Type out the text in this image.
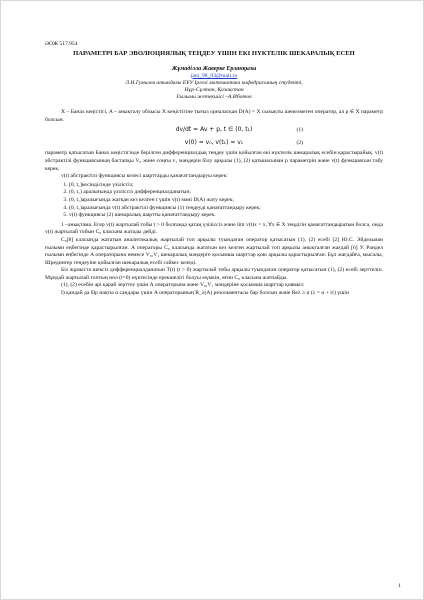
ӘОЖ 517.954
ПАРАМЕТРІ БАР ЭВОЛЮЦИЯЛЫҚ ТЕҢДЕУ ҮШІН ЕКІ НҮКТЕЛІК ШЕКАРАЛЫҚ ЕСЕП
Жұмаділла Жаверке Ерланқызы
jani_98_03@mail.ru
Л.Н.Гумилев атындағы ЕҰУ Іргелі математика кафедрасының студенті,
Нұр-Сұлтан, Қазақстан
Ғылыми жетекшісі –А.Иботов

X – Банах кеңістігі, A – анықталу облысы X кеңістігіне тығыз орналасқан D(A) = X сызықты шенелмеген оператор, ал p ∈ X параметр болсын.

dv/dt = Av + p, t ∈ (0, t₁)	(1)
v(0) = v₀, v(t₁) = v₁	(2)

параметр қатысатын Банах кеңістігінде берілген дифференциалдық теңдеу үшін қойылған екі нүктелік шекаралық есебін қарастырайық. v(t) абстрактілі функциясының бастапқы V₀ және соңғы v₁ мәндерін білу арқылы (1), (2) қатынасынан p параметрін және v(t) функциясын табу керек.

v(t) абстрактілі функциясы келесі шарттарды қанағаттандыруы керек:

1. [0, t₁]кесіндісінде үзіліссіз;
2. (0, t₁) аралығында үзіліссіз дифференциалданатын;
3. (0, t₁)аралығында жатқан кез келген t үшін v(t) мәні D(A) жату керек;
4. (0, t₁)аралығында v(t) абстрактілі функциясы (1) теңдеуді қанағаттандыру керек;
5. v(t) функциясы (2) шекаралық шартты қанағаттандыру керек.

1 –анықтама. Егер v(t) жартылай тобы t > 0 болғанда қатаң үзіліссіз және lim v(t)x = x, ∀x ∈ X теңдігін қанағаттандыратын болса, онда v(t) жартылай тобын C₀ класына жатады дейді.

C₀[8] класында жататын аналитикалық жартылай топ арқылы туындаған оператор қатысатын (1), (2) есебі [2] Ю.С. Эйдельман ғылыми еңбегінде қарастырылған. A операторы C₀ класында жататын кез келген жартылай топ арқылы анықталған жағдай [6] У. Рандел ғылыми еңбегінде A операторына немесе V₀,V₁ шекаралық мәндерге қосымша шарттар қою арқылы қарастырылған. Бұл жағдайға, мысалы, Шредингер теңдеуіне қойылған шекаралық есебі сәйкес келеді.

Біз жұмыста шексіз дифференциалданатын T(t) (t > 0) жартылай тобы арқылы туындаған оператор қатысатын (1), (2) есебі зерттеліп. Мұндай жартылай топтың нөл (t=0) нүктесінде ерекшелігі болуы мүмкін, яғни C₀ класына жатпайды.

(1), (2) есебін әрі қарай зерттеу үшін A операторына және V₀,V₁ мәндеріне қосымша шарттар қоямыз:

I) қандай да бір нақты α сандары үшін A операторының R_λ(A) резольвентасы бар болсын және Reλ ≥ α (λ = α + iτ) үшін

1
